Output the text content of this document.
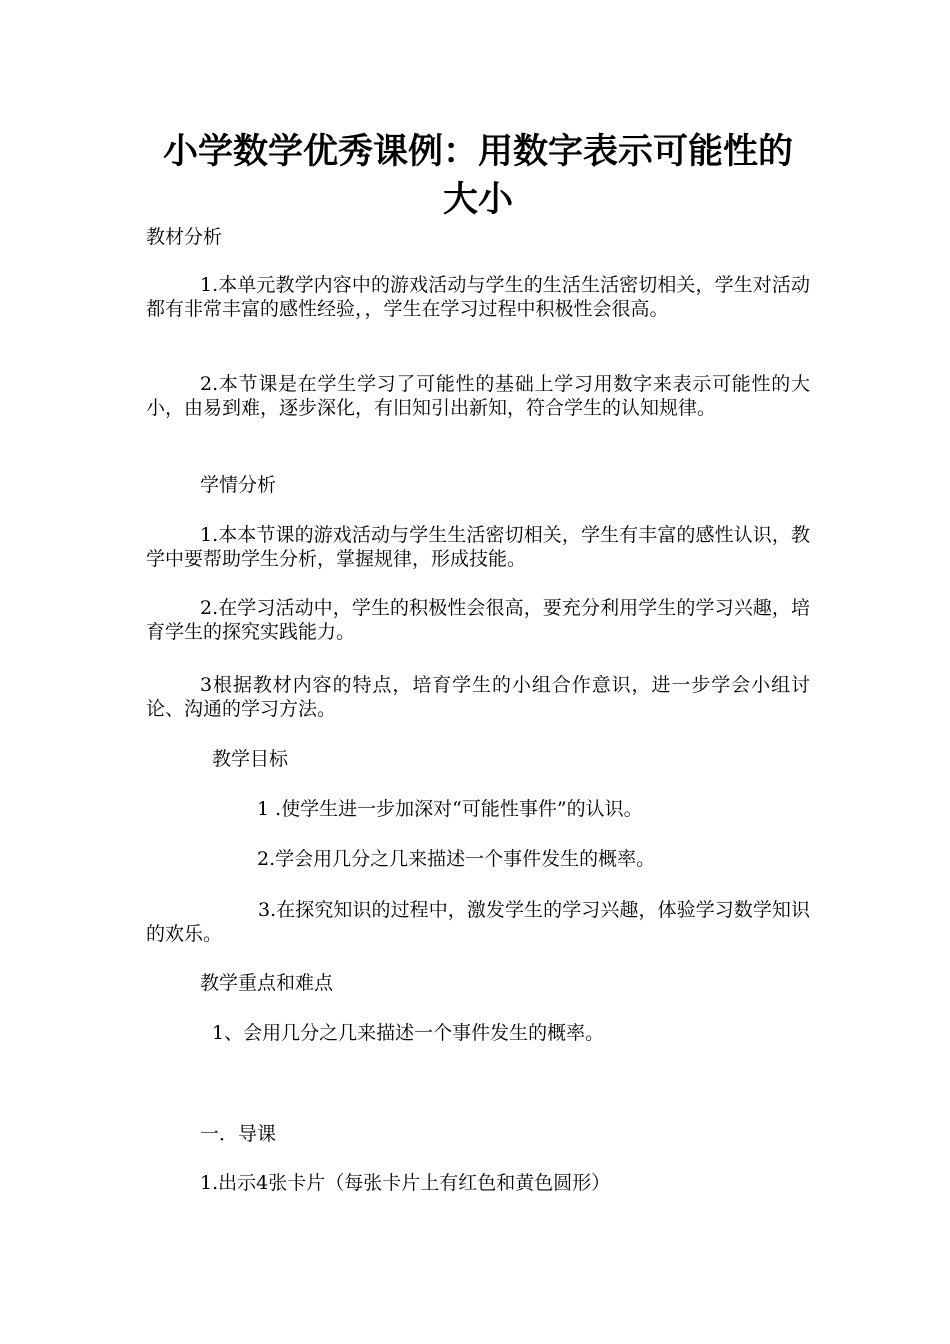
小学数学优秀课例：用数字表示可能性的大小
教材分析

1.本单元教学内容中的游戏活动与学生的生活生活密切相关，学生对活动都有非常丰富的感性经验，，学生在学习过程中积极性会很高。

2.本节课是在学生学习了可能性的基础上学习用数字来表示可能性的大小，由易到难，逐步深化，有旧知引出新知，符合学生的认知规律。

学情分析

1.本本节课的游戏活动与学生生活密切相关，学生有丰富的感性认识，教学中要帮助学生分析，掌握规律，形成技能。

2.在学习活动中，学生的积极性会很高，要充分利用学生的学习兴趣，培育学生的探究实践能力。

3根据教材内容的特点，培育学生的小组合作意识，进一步学会小组讨论、沟通的学习方法。

教学目标
1 .使学生进一步加深对“可能性事件”的认识。
2.学会用几分之几来描述一个事件发生的概率。

3.在探究知识的过程中，激发学生的学习兴趣，体验学习数学知识的欢乐。

教学重点和难点
1、会用几分之几来描述一个事件发生的概率。
一．导课
1.出示4张卡片（每张卡片上有红色和黄色圆形）
